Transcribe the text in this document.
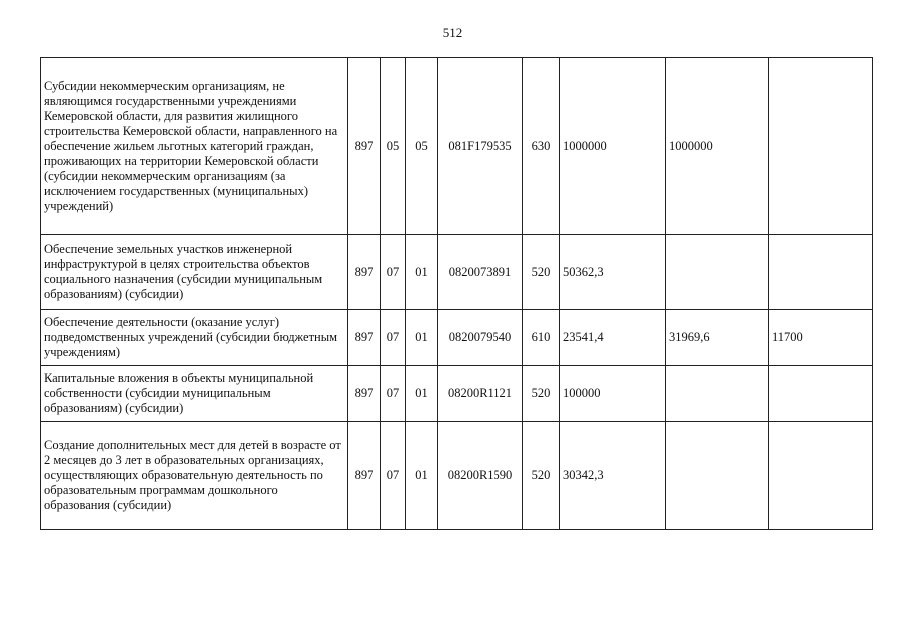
512
Субсидии некоммерческим организациям, не являющимся государственными учреждениями Кемеровской области, для развития жилищного строительства Кемеровской области, направленного на обеспечение жильем льготных категорий граждан, проживающих на территории Кемеровской области (субсидии некоммерческим организациям (за исключением государственных (муниципальных) учреждений)	897	05	05	081F179535	630	1000000	1000000	
Обеспечение земельных участков инженерной инфраструктурой в целях строительства объектов социального назначения (субсидии муниципальным образованиям) (субсидии)	897	07	01	0820073891	520	50362,3		
Обеспечение деятельности (оказание услуг) подведомственных учреждений (субсидии бюджетным учреждениям)	897	07	01	0820079540	610	23541,4	31969,6	11700
Капитальные вложения в объекты муниципальной собственности (субсидии муниципальным образованиям) (субсидии)	897	07	01	08200R1121	520	100000		
Создание дополнительных мест для детей в возрасте от 2 месяцев до 3 лет в образовательных организациях, осуществляющих образовательную деятельность по образовательным программам дошкольного образования (субсидии)	897	07	01	08200R1590	520	30342,3		
